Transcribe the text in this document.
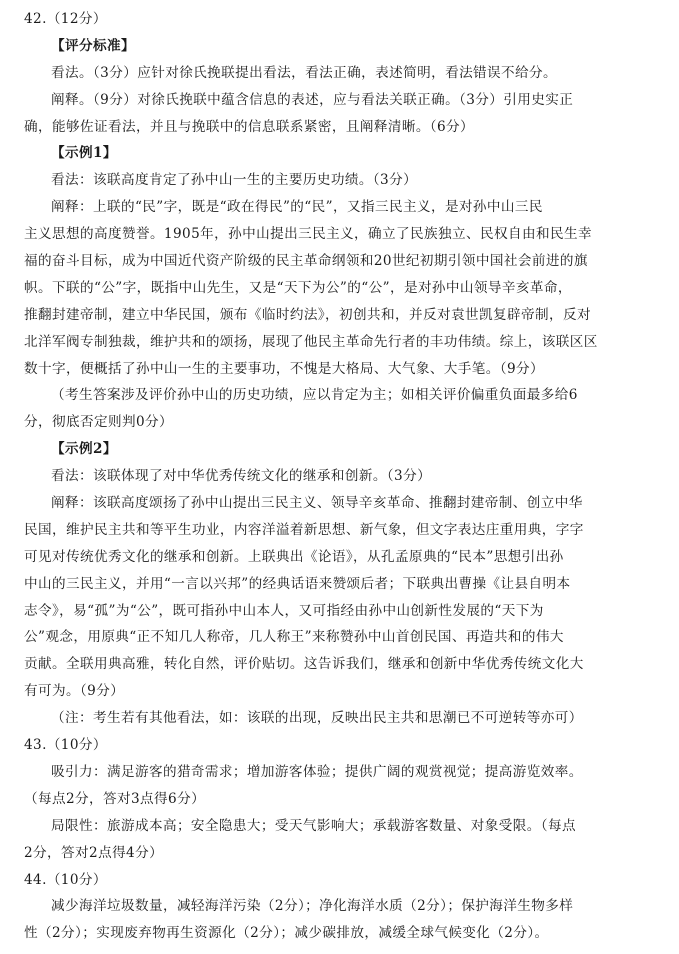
42.（12分）
【评分标准】
看法。（3分）应针对徐氏挽联提出看法，看法正确，表述简明，看法错误不给分。
阐释。（9分）对徐氏挽联中蕴含信息的表述，应与看法关联正确。（3分）引用史实正
确，能够佐证看法，并且与挽联中的信息联系紧密，且阐释清晰。（6分）
【示例1】
看法：该联高度肯定了孙中山一生的主要历史功绩。（3分）
阐释：上联的“民”字，既是“政在得民”的“民”，又指三民主义，是对孙中山三民
主义思想的高度赞誉。1905年，孙中山提出三民主义，确立了民族独立、民权自由和民生幸
福的奋斗目标，成为中国近代资产阶级的民主革命纲领和20世纪初期引领中国社会前进的旗
帜。下联的“公”字，既指中山先生，又是“天下为公”的“公”，是对孙中山领导辛亥革命，
推翻封建帝制，建立中华民国，颁布《临时约法》，初创共和，并反对袁世凯复辟帝制，反对
北洋军阀专制独裁，维护共和的颂扬，展现了他民主革命先行者的丰功伟绩。综上，该联区区
数十字，便概括了孙中山一生的主要事功，不愧是大格局、大气象、大手笔。（9分）
（考生答案涉及评价孙中山的历史功绩，应以肯定为主；如相关评价偏重负面最多给6
分，彻底否定则判0分）
【示例2】
看法：该联体现了对中华优秀传统文化的继承和创新。（3分）
阐释：该联高度颂扬了孙中山提出三民主义、领导辛亥革命、推翻封建帝制、创立中华
民国，维护民主共和等平生功业，内容洋溢着新思想、新气象，但文字表达庄重用典，字字
可见对传统优秀文化的继承和创新。上联典出《论语》，从孔孟原典的“民本”思想引出孙
中山的三民主义，并用“一言以兴邦”的经典话语来赞颂后者；下联典出曹操《让县自明本
志令》，易“孤”为“公”，既可指孙中山本人，又可指经由孙中山创新性发展的“天下为
公”观念，用原典“正不知几人称帝，几人称王”来称赞孙中山首创民国、再造共和的伟大
贡献。全联用典高雅，转化自然，评价贴切。这告诉我们，继承和创新中华优秀传统文化大
有可为。（9分）
（注：考生若有其他看法，如：该联的出现，反映出民主共和思潮已不可逆转等亦可）
43.（10分）
吸引力：满足游客的猎奇需求；增加游客体验；提供广阔的观赏视觉；提高游览效率。
（每点2分，答对3点得6分）
局限性：旅游成本高；安全隐患大；受天气影响大；承载游客数量、对象受限。（每点
2分，答对2点得4分）
44.（10分）
减少海洋垃圾数量，减轻海洋污染（2分）；净化海洋水质（2分）；保护海洋生物多样
性（2分）；实现废弃物再生资源化（2分）；减少碳排放，减缓全球气候变化（2分）。
